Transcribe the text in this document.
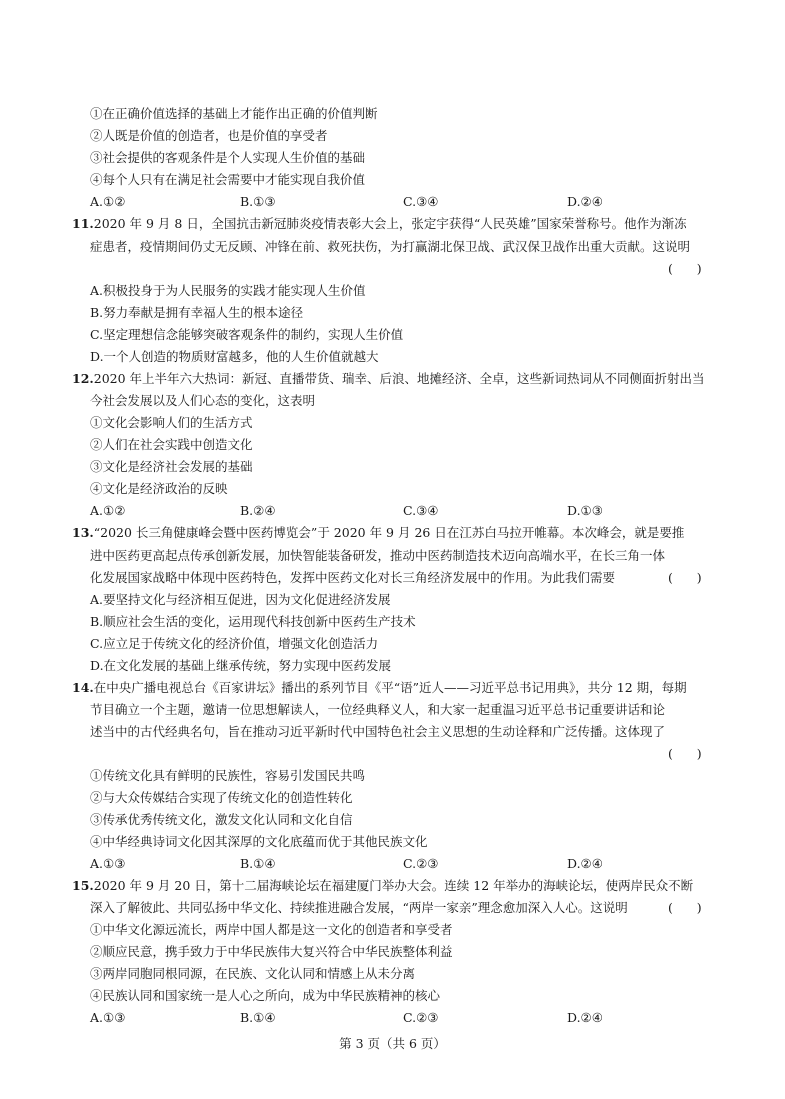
①在正确价值选择的基础上才能作出正确的价值判断
②人既是价值的创造者，也是价值的享受者
③社会提供的客观条件是个人实现人生价值的基础
④每个人只有在满足社会需要中才能实现自我价值
A.①②	B.①③	C.③④	D.②④
11.2020 年 9 月 8 日，全国抗击新冠肺炎疫情表彰大会上，张定宇获得“人民英雄”国家荣誉称号。他作为渐冻
症患者，疫情期间仍丈无反顾、冲锋在前、救死扶伤，为打赢湖北保卫战、武汉保卫战作出重大贡献。这说明
(      )
A.积极投身于为人民服务的实践才能实现人生价值
B.努力奉献是拥有幸福人生的根本途径
C.坚定理想信念能够突破客观条件的制约，实现人生价值
D.一个人创造的物质财富越多，他的人生价值就越大
12.2020 年上半年六大热词：新冠、直播带货、瑞幸、后浪、地摊经济、全卓，这些新词热词从不同侧面折射出当
今社会发展以及人们心态的变化，这表明
①文化会影响人们的生活方式
②人们在社会实践中创造文化
③文化是经济社会发展的基础
④文化是经济政治的反映
A.①②	B.②④	C.③④	D.①③
13.“2020 长三角健康峰会暨中医药博览会”于 2020 年 9 月 26 日在江苏白马拉开帷幕。本次峰会，就是要推
进中医药更高起点传承创新发展，加快智能装备研发，推动中医药制造技术迈向高端水平，在长三角一体
化发展国家战略中体现中医药特色，发挥中医药文化对长三角经济发展中的作用。为此我们需要	(      )
A.要坚持文化与经济相互促进，因为文化促进经济发展
B.顺应社会生活的变化，运用现代科技创新中医药生产技术
C.应立足于传统文化的经济价值，增强文化创造活力
D.在文化发展的基础上继承传统，努力实现中医药发展
14.在中央广播电视总台《百家讲坛》播出的系列节目《平“语”近人——习近平总书记用典》，共分 12 期，每期
节目确立一个主题，邀请一位思想解读人，一位经典释义人，和大家一起重温习近平总书记重要讲话和论
述当中的古代经典名句，旨在推动习近平新时代中国特色社会主义思想的生动诠释和广泛传播。这体现了
(      )
①传统文化具有鲜明的民族性，容易引发国民共鸣
②与大众传媒结合实现了传统文化的创造性转化
③传承优秀传统文化，激发文化认同和文化自信
④中华经典诗词文化因其深厚的文化底蕴而优于其他民族文化
A.①③	B.①④	C.②③	D.②④
15.2020 年 9 月 20 日，第十二届海峡论坛在福建厦门举办大会。连续 12 年举办的海峡论坛，使两岸民众不断
深入了解彼此、共同弘扬中华文化、持续推进融合发展，“两岸一家亲”理念愈加深入人心。这说明	(      )
①中华文化源远流长，两岸中国人都是这一文化的创造者和享受者
②顺应民意，携手致力于中华民族伟大复兴符合中华民族整体利益
③两岸同胞同根同源，在民族、文化认同和情感上从未分离
④民族认同和国家统一是人心之所向，成为中华民族精神的核心
A.①③	B.①④	C.②③	D.②④
第 3 页（共 6 页）
